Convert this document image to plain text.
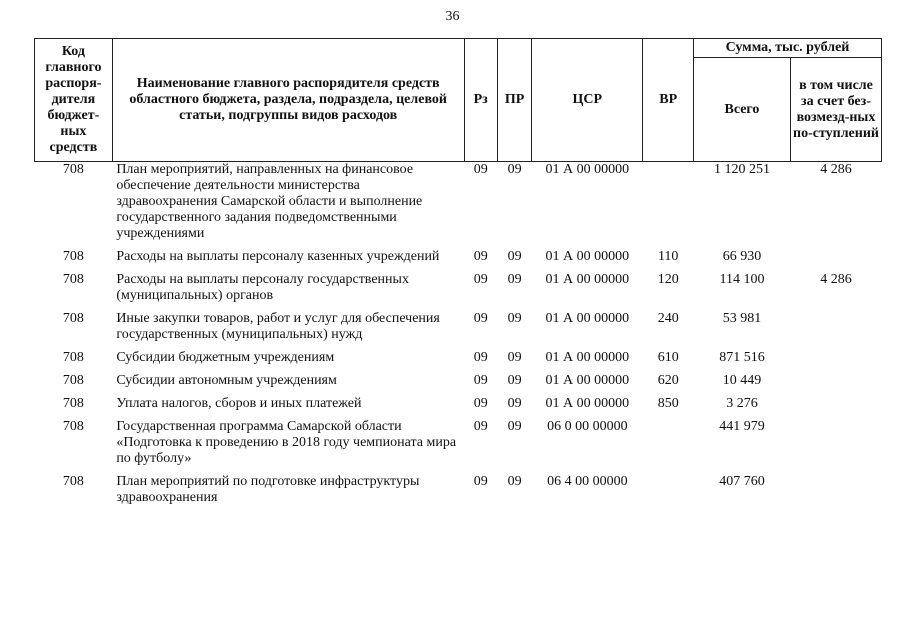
36
Код главного распоря-дителя бюджет-ных средств	Наименование главного распорядителя средств областного бюджета, раздела, подраздела, целевой статьи, подгруппы видов расходов	Рз	ПР	ЦСР	ВР	Сумма, тыс. рублей	
						Всего	в том числе за счет без-возмезд-ных по-ступлений
708	План мероприятий, направленных на финансовое обеспечение деятельности министерства здравоохранения Самарской области и выполнение государственного задания подведомственными учреждениями	09	09	01 А 00 00000		1 120 251	4 286
708	Расходы на выплаты персоналу казенных учреждений	09	09	01 А 00 00000	110	66 930	
708	Расходы на выплаты персоналу государственных (муниципальных) органов	09	09	01 А 00 00000	120	114 100	4 286
708	Иные закупки товаров, работ и услуг для обеспечения государственных (муниципальных) нужд	09	09	01 А 00 00000	240	53 981	
708	Субсидии бюджетным учреждениям	09	09	01 А 00 00000	610	871 516	
708	Субсидии автономным учреждениям	09	09	01 А 00 00000	620	10 449	
708	Уплата налогов, сборов и иных платежей	09	09	01 А 00 00000	850	3 276	
708	Государственная программа Самарской области «Подготовка к проведению в 2018 году чемпионата мира по футболу»	09	09	06 0 00 00000		441 979	
708	План мероприятий по подготовке инфраструктуры здравоохранения	09	09	06 4 00 00000		407 760	
